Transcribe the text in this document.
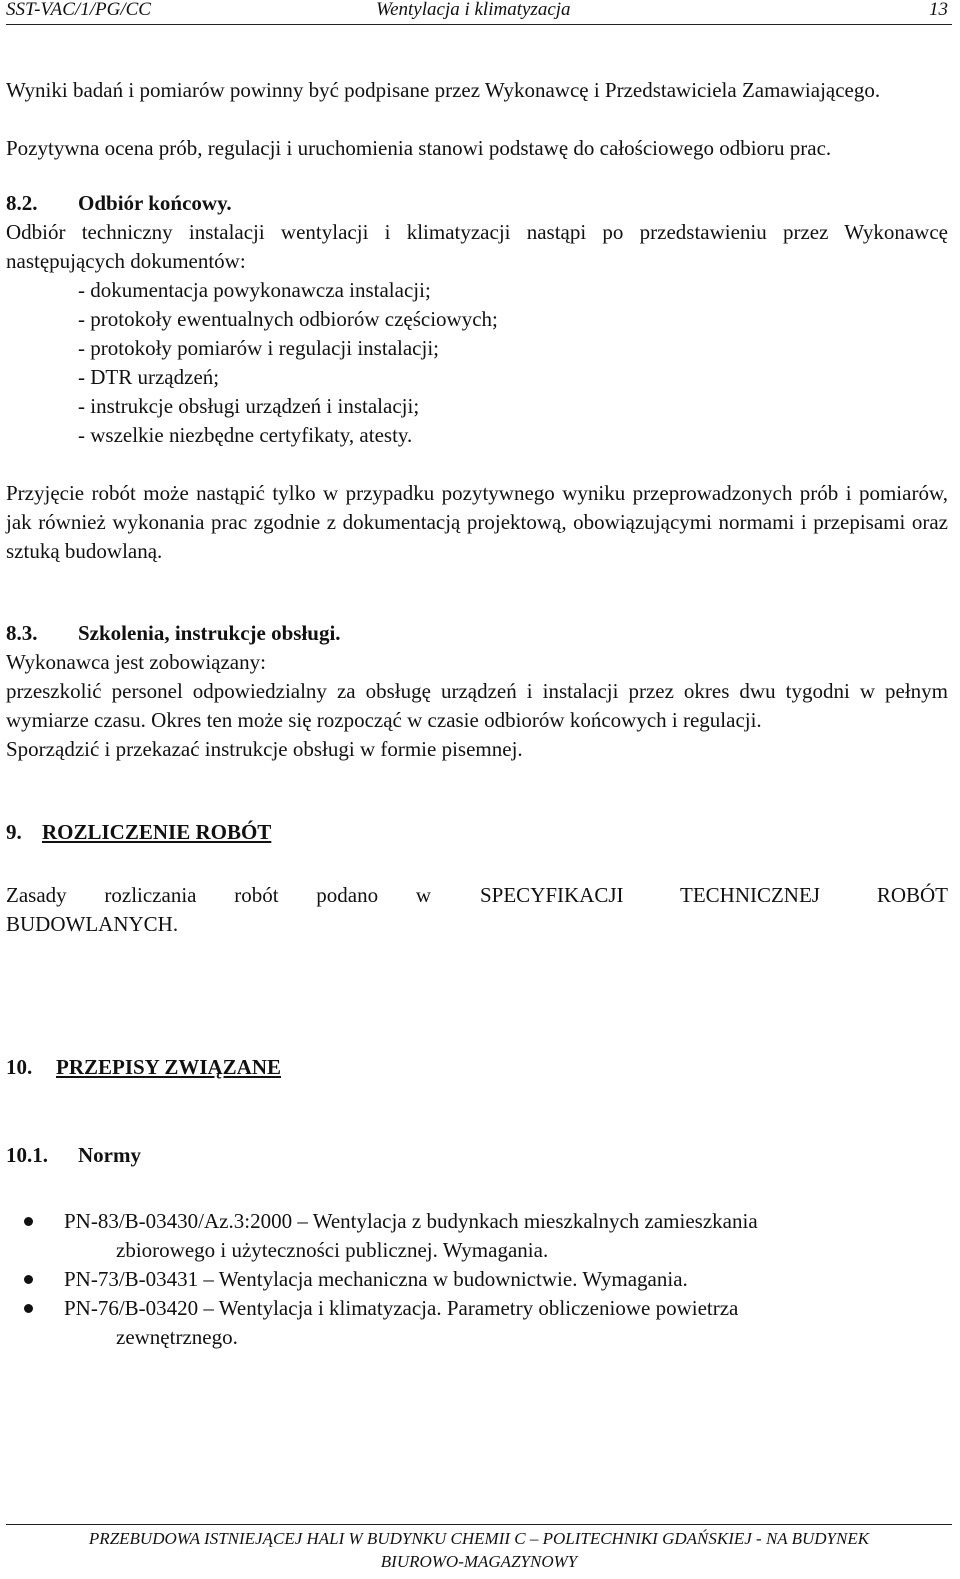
SST-VAC/1/PG/CC	Wentylacja i klimatyzacja	13

Wyniki badań i pomiarów powinny być podpisane przez Wykonawcę i Przedstawiciela Zamawiającego.

Pozytywna ocena prób, regulacji i uruchomienia stanowi podstawę do całościowego odbioru prac.

8.2. Odbiór końcowy.

Odbiór techniczny instalacji wentylacji i klimatyzacji nastąpi po przedstawieniu przez Wykonawcę następujących dokumentów:

- dokumentacja powykonawcza instalacji;
- protokoły ewentualnych odbiorów częściowych;
- protokoły pomiarów i regulacji instalacji;
- DTR urządzeń;
- instrukcje obsługi urządzeń i instalacji;
- wszelkie niezbędne certyfikaty, atesty.

Przyjęcie robót może nastąpić tylko w przypadku pozytywnego wyniku przeprowadzonych prób i pomiarów, jak również wykonania prac zgodnie z dokumentacją projektową, obowiązującymi normami i przepisami oraz sztuką budowlaną.

8.3. Szkolenia, instrukcje obsługi.

Wykonawca jest zobowiązany:

przeszkolić personel odpowiedzialny za obsługę urządzeń i instalacji przez okres dwu tygodni w pełnym wymiarze czasu. Okres ten może się rozpocząć w czasie odbiorów końcowych i regulacji.

Sporządzić i przekazać instrukcje obsługi w formie pisemnej.

9. ROZLICZENIE ROBÓT

Zasady rozliczania robót podano w SPECYFIKACJI TECHNICZNEJ ROBÓT

BUDOWLANYCH.

10. PRZEPISY ZWIĄZANE

10.1. Normy

PN-83/B-03430/Az.3:2000 – Wentylacja z budynkach mieszkalnych zamieszkania
zbiorowego i użyteczności publicznej. Wymagania.
PN-73/B-03431 – Wentylacja mechaniczna w budownictwie. Wymagania.
PN-76/B-03420 – Wentylacja i klimatyzacja. Parametry obliczeniowe powietrza
zewnętrznego.
PRZEBUDOWA ISTNIEJĄCEJ HALI W BUDYNKU CHEMII C – POLITECHNIKI GDAŃSKIEJ - NA BUDYNEK
BIUROWO-MAGAZYNOWY
